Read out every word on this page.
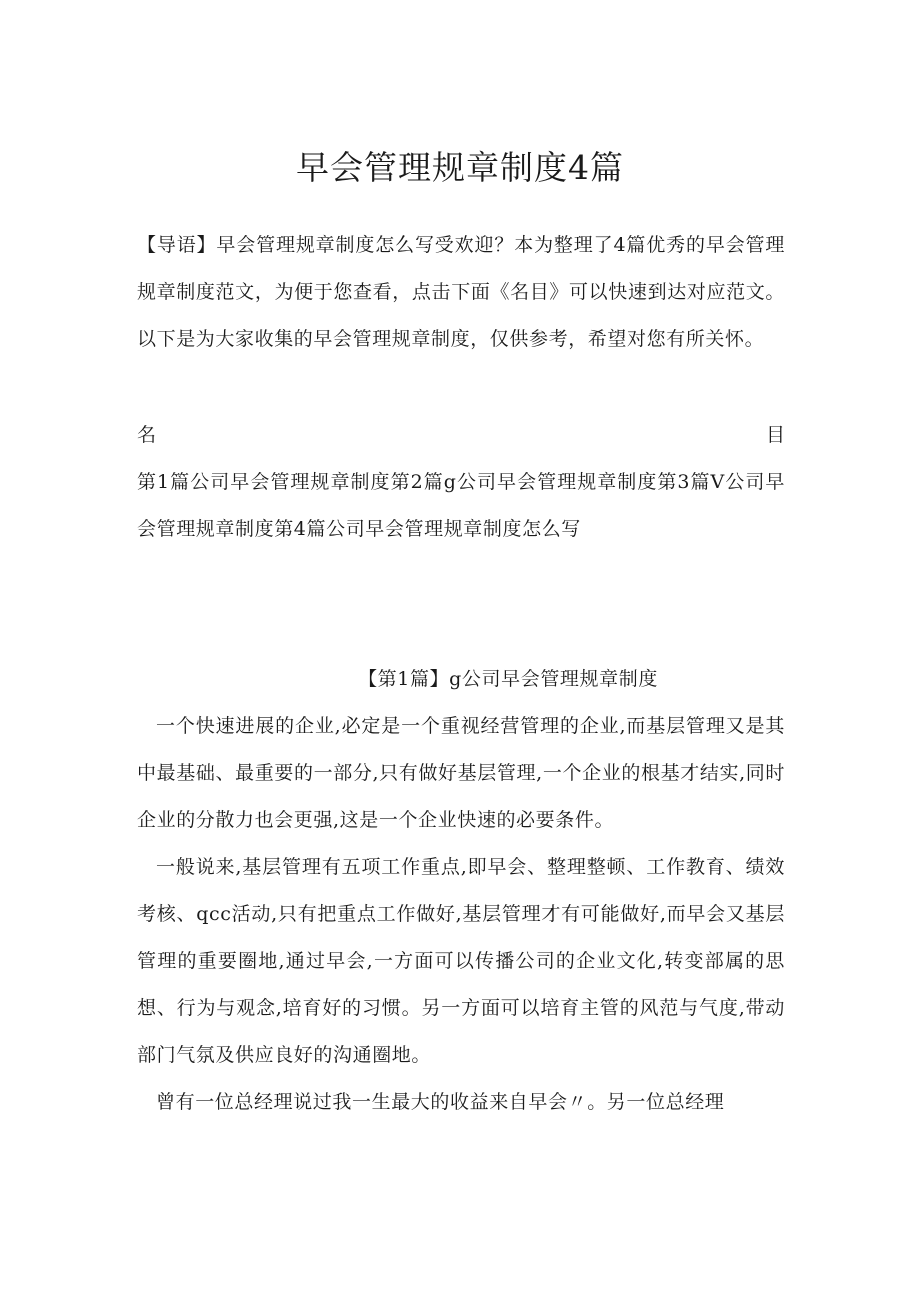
早会管理规章制度4篇

【导语】早会管理规章制度怎么写受欢迎？本为整理了4篇优秀的早会管理规章制度范文，为便于您查看，点击下面《名目》可以快速到达对应范文。以下是为大家收集的早会管理规章制度，仅供参考，希望对您有所关怀。

名	目

第1篇公司早会管理规章制度第2篇g公司早会管理规章制度第3篇V公司早会管理规章制度第4篇公司早会管理规章制度怎么写

【第1篇】g公司早会管理规章制度

一个快速进展的企业,必定是一个重视经营管理的企业,而基层管理又是其中最基础、最重要的一部分,只有做好基层管理,一个企业的根基才结实,同时企业的分散力也会更强,这是一个企业快速的必要条件。

一般说来,基层管理有五项工作重点,即早会、整理整顿、工作教育、绩效考核、qcc活动,只有把重点工作做好,基层管理才有可能做好,而早会又基层管理的重要圈地,通过早会,一方面可以传播公司的企业文化,转变部属的思想、行为与观念,培育好的习惯。另一方面可以培育主管的风范与气度,带动部门气氛及供应良好的沟通圈地。

曾有一位总经理说过我一生最大的收益来自早会〃。另一位总经理
